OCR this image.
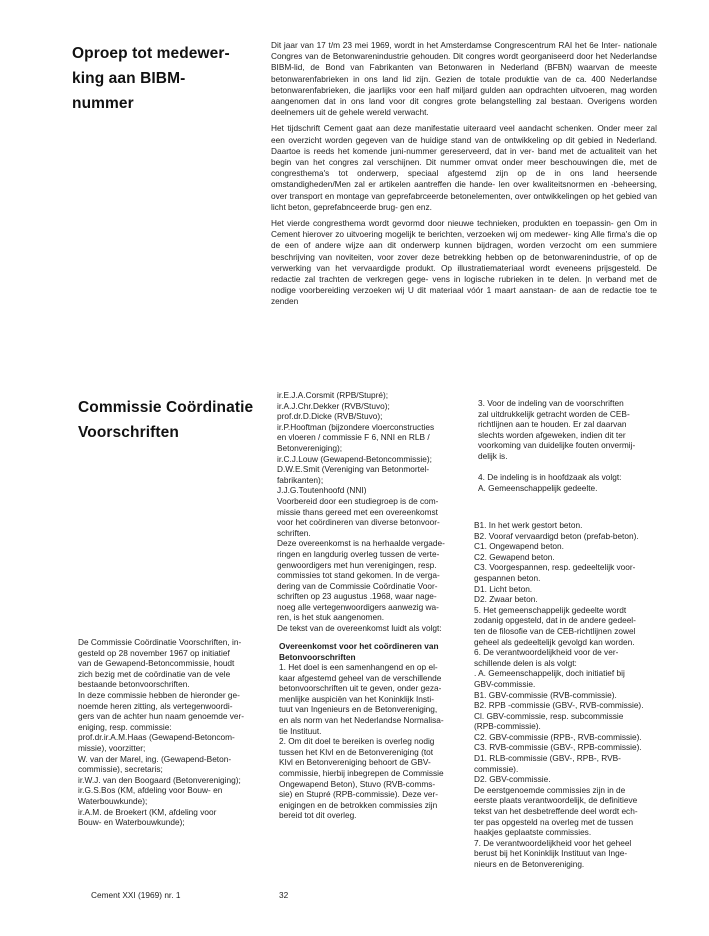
Oproep tot medewer-
king aan BIBM-
nummer

Dit jaar van 17 t/m 23 mei 1969, wordt in het Amsterdamse Congrescentrum RAI het 6e Inter- nationale Congres van de Betonwarenindustrie gehouden. Dit congres wordt georganiseerd door het Nederlandse BIBM-lid, de Bond van Fabrikanten van Betonwaren in Nederland (BFBN) waarvan de meeste betonwarenfabrieken in ons land lid zijn. Gezien de totale produktie van de ca. 400 Nederlandse betonwarenfabrieken, die jaarlijks voor een half miljard gulden aan opdrachten uitvoeren, mag worden aangenomen dat in ons land voor dit congres grote belangstelling zal bestaan. Overigens worden deelnemers uit de gehele wereld verwacht.

Het tijdschrift Cement gaat aan deze manifestatie uiteraard veel aandacht schenken. Onder meer zal een overzicht worden gegeven van de huidige stand van de ontwikkeling op dit gebied in Nederland. Daartoe is reeds het komende juni-nummer gereserveerd, dat in ver- band met de actualiteit van het begin van het congres zal verschijnen. Dit nummer omvat onder meer beschouwingen die, met de congresthema's tot onderwerp, speciaal afgestemd zijn op de in ons land heersende omstandigheden/Men zal er artikelen aantreffen die hande- len over kwaliteitsnormen en -beheersing, over transport en montage van geprefabrceerde betonelementen, over ontwikkelingen op het gebied van licht beton, geprefabnceerde brug- gen enz.

Het vierde congresthema wordt gevormd door nieuwe technieken, produkten en toepassin- gen Om in Cement hierover zo uitvoering mogelijk te berichten, verzoeken wij om medewer- king Alle firma's die op de een of andere wijze aan dit onderwerp kunnen bijdragen, worden verzocht om een summiere beschrijving van noviteiten, voor zover deze betrekking hebben op de betonwarenindustrie, of op de verwerking van het vervaardigde produkt. Op illustratiemateriaal wordt eveneens prijsgesteld. De redactie zal trachten de verkregen gege- vens in logische rubrieken in te delen. |n verband met de nodige voorbereiding verzoeken wij U dit materiaal vóór 1 maart aanstaan- de aan de redactie toe te zenden

Commissie Coördinatie
Voorschriften

De Commissie Coördinatie Voorschriften, in-

gesteld op 28 november 1967 op initiatief

van de Gewapend-Betoncommissie, houdt

zich bezig met de coördinatie van de vele

bestaande betonvoorschriften.

In deze commissie hebben de hieronder ge-

noemde heren zitting, als vertegenwoordi-

gers van de achter hun naam genoemde ver-

eniging, resp. commissie:

prof.dr.ir.A.M.Haas (Gewapend-Betoncom-

missie), voorzitter;

W. van der Marel, ing. (Gewapend-Beton-

commissie), secretaris;

ir.W.J. van den Boogaard (Betonvereniging);

ir.G.S.Bos (KM, afdeling voor Bouw- en

Waterbouwkunde);

ir.A.M. de Broekert (KM, afdeling voor

Bouw- en Waterbouwkunde);

ir.E.J.A.Corsmit (RPB/Stupré);

ir.A.J.Chr.Dekker (RVB/Stuvo);

prof.dr.D.Dicke (RVB/Stuvo);

ir.P.Hooftman (bijzondere vloerconstructies

en vloeren / commissie F 6, NNI en RLB /

Betonvereniging);

ir.C.J.Louw (Gewapend-Betoncommissie);

D.W.E.Smit (Vereniging van Betonmortel-

fabrikanten);

J.J.G.Toutenhoofd (NNI)

Voorbereid door een studiegroep is de com-

missie thans gereed met een overeenkomst

voor het coördineren van diverse betonvoor-

schriften.

Deze overeenkomst is na herhaalde vergade-

ringen en langdurig overleg tussen de verte-

genwoordigers met hun verenigingen, resp.

commissies tot stand gekomen. In de verga-

dering van de Commissie Coördinatie Voor-

schriften op 23 augustus .1968, waar nage-

noeg alle vertegenwoordigers aanwezig wa-

ren, is het stuk aangenomen.

De tekst van de overeenkomst luidt als volgt:

Overeenkomst voor het coördineren van

Betonvoorschriften

1. Het doel is een samenhangend en op el-

kaar afgestemd geheel van de verschillende

betonvoorschriften uit te geven, onder geza-

menlijke auspiciën van het Koninklijk Insti-

tuut van Ingenieurs en de Betonvereniging,

en als norm van het Nederlandse Normalisa-

tie Instituut.

2. Om dit doel te bereiken is overleg nodig

tussen het KIvl en de Betonvereniging (tot

KIvl en Betonvereniging behoort de GBV-

commissie, hierbij inbegrepen de Commissie

Ongewapend Beton), Stuvo (RVB-comms-

sie) en Stupré (RPB-commissie). Deze ver-

enigingen en de betrokken commissies zijn

bereid tot dit overleg.

3. Voor de indeling van de voorschriften

zal uitdrukkelijk getracht worden de CEB-

richtlijnen aan te houden. Er zal daarvan

slechts worden afgeweken, indien dit ter

voorkoming van duidelijke fouten onvermij-

delijk is.

4. De indeling is in hoofdzaak als volgt:

A. Gemeenschappelijk gedeelte.

B1. In het werk gestort beton.

B2. Vooraf vervaardigd beton (prefab-beton).

C1. Ongewapend beton.

C2. Gewapend beton.

C3. Voorgespannen, resp. gedeeltelijk voor-

gespannen beton.

D1. Licht beton.

D2. Zwaar beton.

5. Het gemeenschappelijk gedeelte wordt

zodanig opgesteld, dat in de andere gedeel-

ten de filosofie van de CEB-richtlijnen zowel

geheel als gedeeltelijk gevolgd kan worden.

6. De verantwoordelijkheid voor de ver-

schillende delen is als volgt:

. A. Gemeenschappelijk, doch initiatief bij

GBV-commissie.

B1. GBV-commissie (RVB-commissie).

B2. RPB -commissie (GBV-, RVB-commissie).

Cl. GBV-commissie, resp. subcommissie

(RPB-commissie).

C2. GBV-commissie (RPB-, RVB-commissie).

C3. RVB-commissie (GBV-, RPB-commissie).

D1. RLB-commissie (GBV-, RPB-, RVB-

commissie).

D2. GBV-commissie.

De eerstgenoemde commissies zijn in de

eerste plaats verantwoordelijk, de definitieve

tekst van het desbetreffende deel wordt ech-

ter pas opgesteld na overleg met de tussen

haakjes geplaatste commissies.

7. De verantwoordelijkheid voor het geheel

berust bij het Koninklijk Instituut van Inge-

nieurs en de Betonvereniging.

Cement XXI (1969) nr. 1	32
